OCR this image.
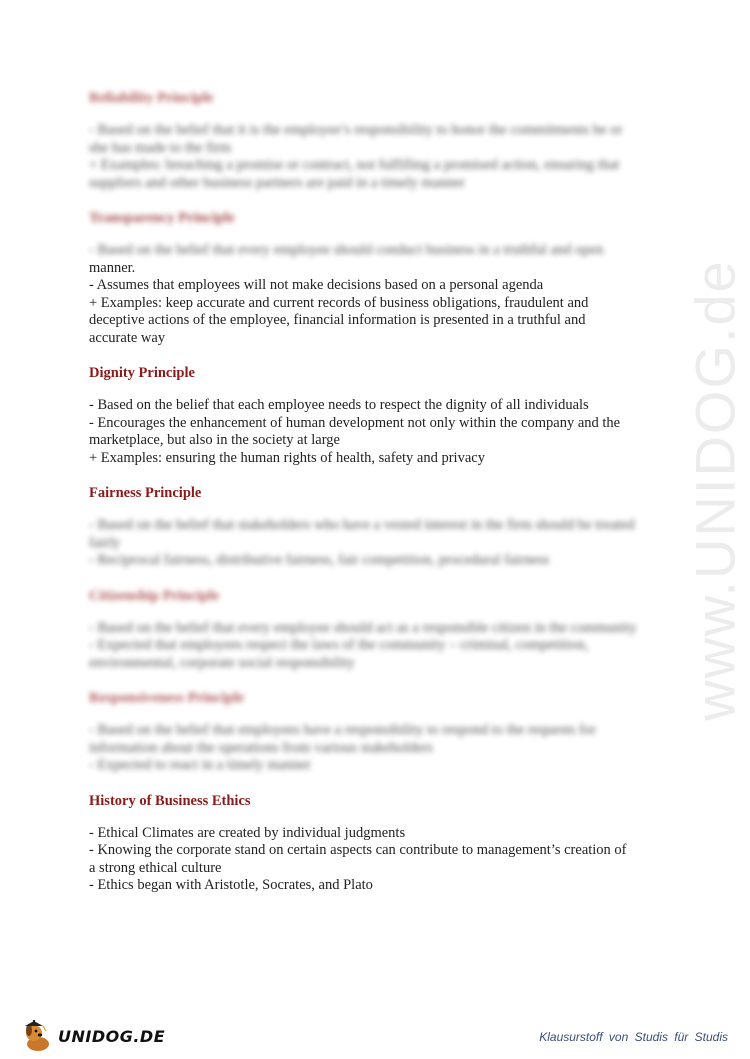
www.UNIDOG.de
Reliability Principle
- Based on the belief that it is the employee’s responsibility to honor the commitments he or
she has made to the firm
+ Examples: breaching a promise or contract, not fulfilling a promised action, ensuring that
suppliers and other business partners are paid in a timely manner
Transparency Principle
- Based on the belief that every employee should conduct business in a truthful and open
manner.
- Assumes that employees will not make decisions based on a personal agenda
+ Examples: keep accurate and current records of business obligations, fraudulent and
deceptive actions of the employee, financial information is presented in a truthful and
accurate way
Dignity Principle
- Based on the belief that each employee needs to respect the dignity of all individuals
- Encourages the enhancement of human development not only within the company and the
marketplace, but also in the society at large
+ Examples: ensuring the human rights of health, safety and privacy
Fairness Principle
- Based on the belief that stakeholders who have a vested interest in the firm should be treated
fairly
- Reciprocal fairness, distributive fairness, fair competition, procedural fairness
Citizenship Principle
- Based on the belief that every employee should act as a responsible citizen in the community
- Expected that employees respect the laws of the community – criminal, competition,
environmental, corporate social responsibility
Responsiveness Principle
- Based on the belief that employees have a responsibility to respond to the requests for
information about the operations from various stakeholders
- Expected to react in a timely manner
History of Business Ethics
- Ethical Climates are created by individual judgments
- Knowing the corporate stand on certain aspects can contribute to management’s creation of
a strong ethical culture
- Ethics began with Aristotle, Socrates, and Plato
UNIDOG.DE	Klausurstoff von Studis für Studis
